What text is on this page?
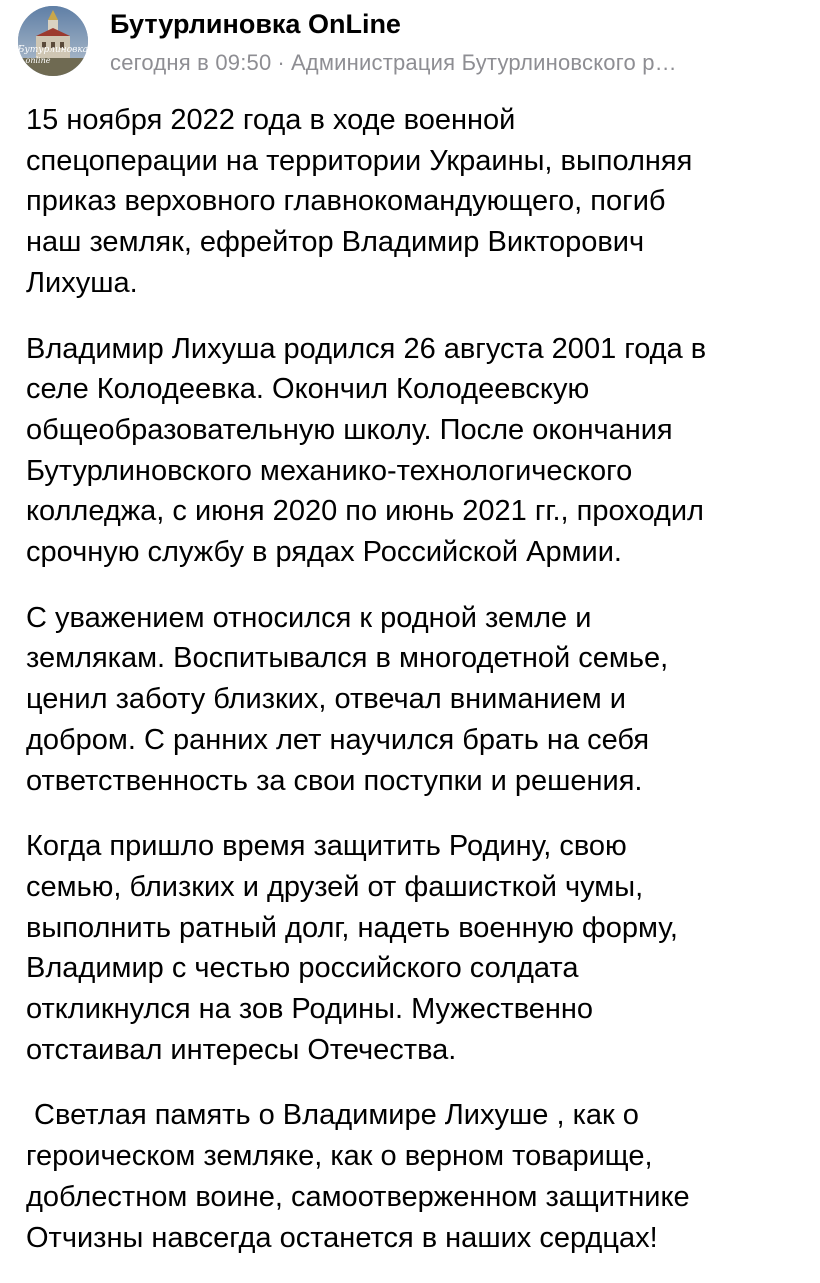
Бутурлиновка
online
Бутурлиновка OnLine
сегодня в 09:50 · Администрация Бутурлиновского р…

15 ноября 2022 года в ходе военной
спецоперации на территории Украины, выполняя
приказ верховного главнокомандующего, погиб
наш земляк, ефрейтор Владимир Викторович
Лихуша.

Владимир Лихуша родился 26 августа 2001 года в
селе Колодеевка. Окончил Колодеевскую
общеобразовательную школу. После окончания
Бутурлиновского механико-технологического
колледжа, с июня 2020 по июнь 2021 гг., проходил
срочную службу в рядах Российской Армии.

С уважением относился к родной земле и
землякам. Воспитывался в многодетной семье,
ценил заботу близких, отвечал вниманием и
добром. С ранних лет научился брать на себя
ответственность за свои поступки и решения.

Когда пришло время защитить Родину, свою
семью, близких и друзей от фашисткой чумы,
выполнить ратный долг, надеть военную форму,
Владимир с честью российского солдата
откликнулся на зов Родины. Мужественно
отстаивал интересы Отечества.

Светлая память о Владимире Лихуше , как о
героическом земляке, как о верном товарище,
доблестном воине, самоотверженном защитнике
Отчизны навсегда останется в наших сердцах!
